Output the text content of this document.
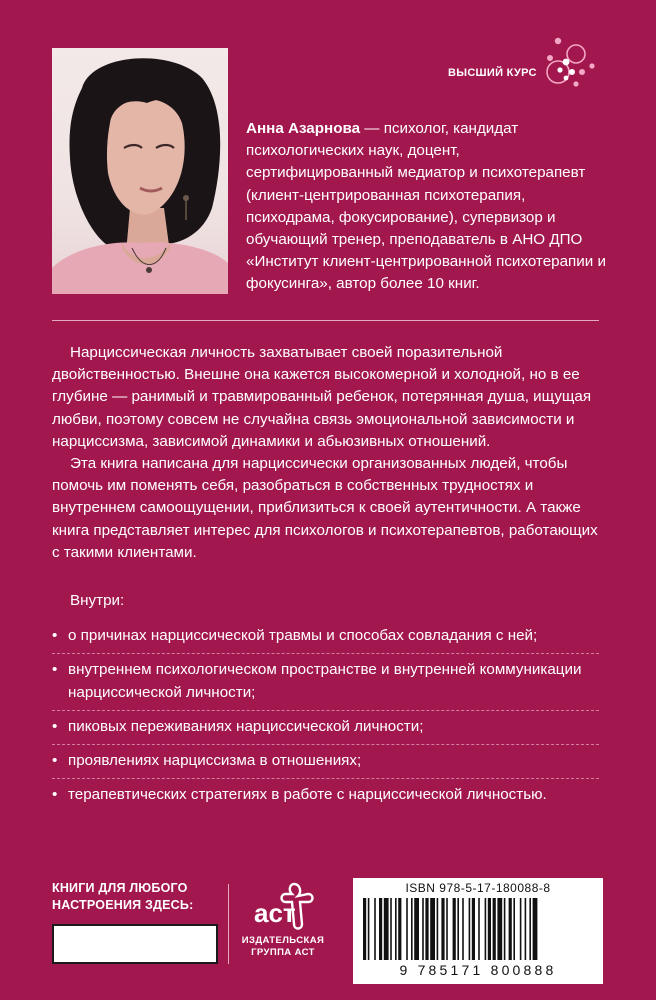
ВЫСШИЙ КУРС
Анна Азарнова — психолог, кандидат психологических наук, доцент, сертифицированный медиатор и психотерапевт (клиент-центрированная психотерапия, психодрама, фокусирование), супервизор и обучающий тренер, преподаватель в АНО ДПО «Институт клиент-центрированной психотерапии и фокусинга», автор более 10 книг.

Нарциссическая личность захватывает своей поразительной двойственностью. Внешне она кажется высокомерной и холодной, но в ее глубине — ранимый и травмированный ребенок, потерянная душа, ищущая любви, поэтому совсем не случайна связь эмоциональной зависимости и нарциссизма, зависимой динамики и абьюзивных отношений.

Эта книга написана для нарциссически организованных людей, чтобы помочь им поменять себя, разобраться в собственных трудностях и внутреннем самоощущении, приблизиться к своей аутентичности. А также книга представляет интерес для психологов и психотерапевтов, работающих с такими клиентами.

Внутри:
• о причинах нарциссической травмы и способах совладания с ней;
• внутреннем психологическом пространстве и внутренней коммуникации нарциссической личности;
• пиковых переживаниях нарциссической личности;
• проявлениях нарциссизма в отношениях;
• терапевтических стратегиях в работе с нарциссической личностью.
КНИГИ ДЛЯ ЛЮБОГО
НАСТРОЕНИЯ ЗДЕСЬ:	аст
ИЗДАТЕЛЬСКАЯ
ГРУППА АСТ
ISBN 978-5-17-180088-8
9 785171 800888
